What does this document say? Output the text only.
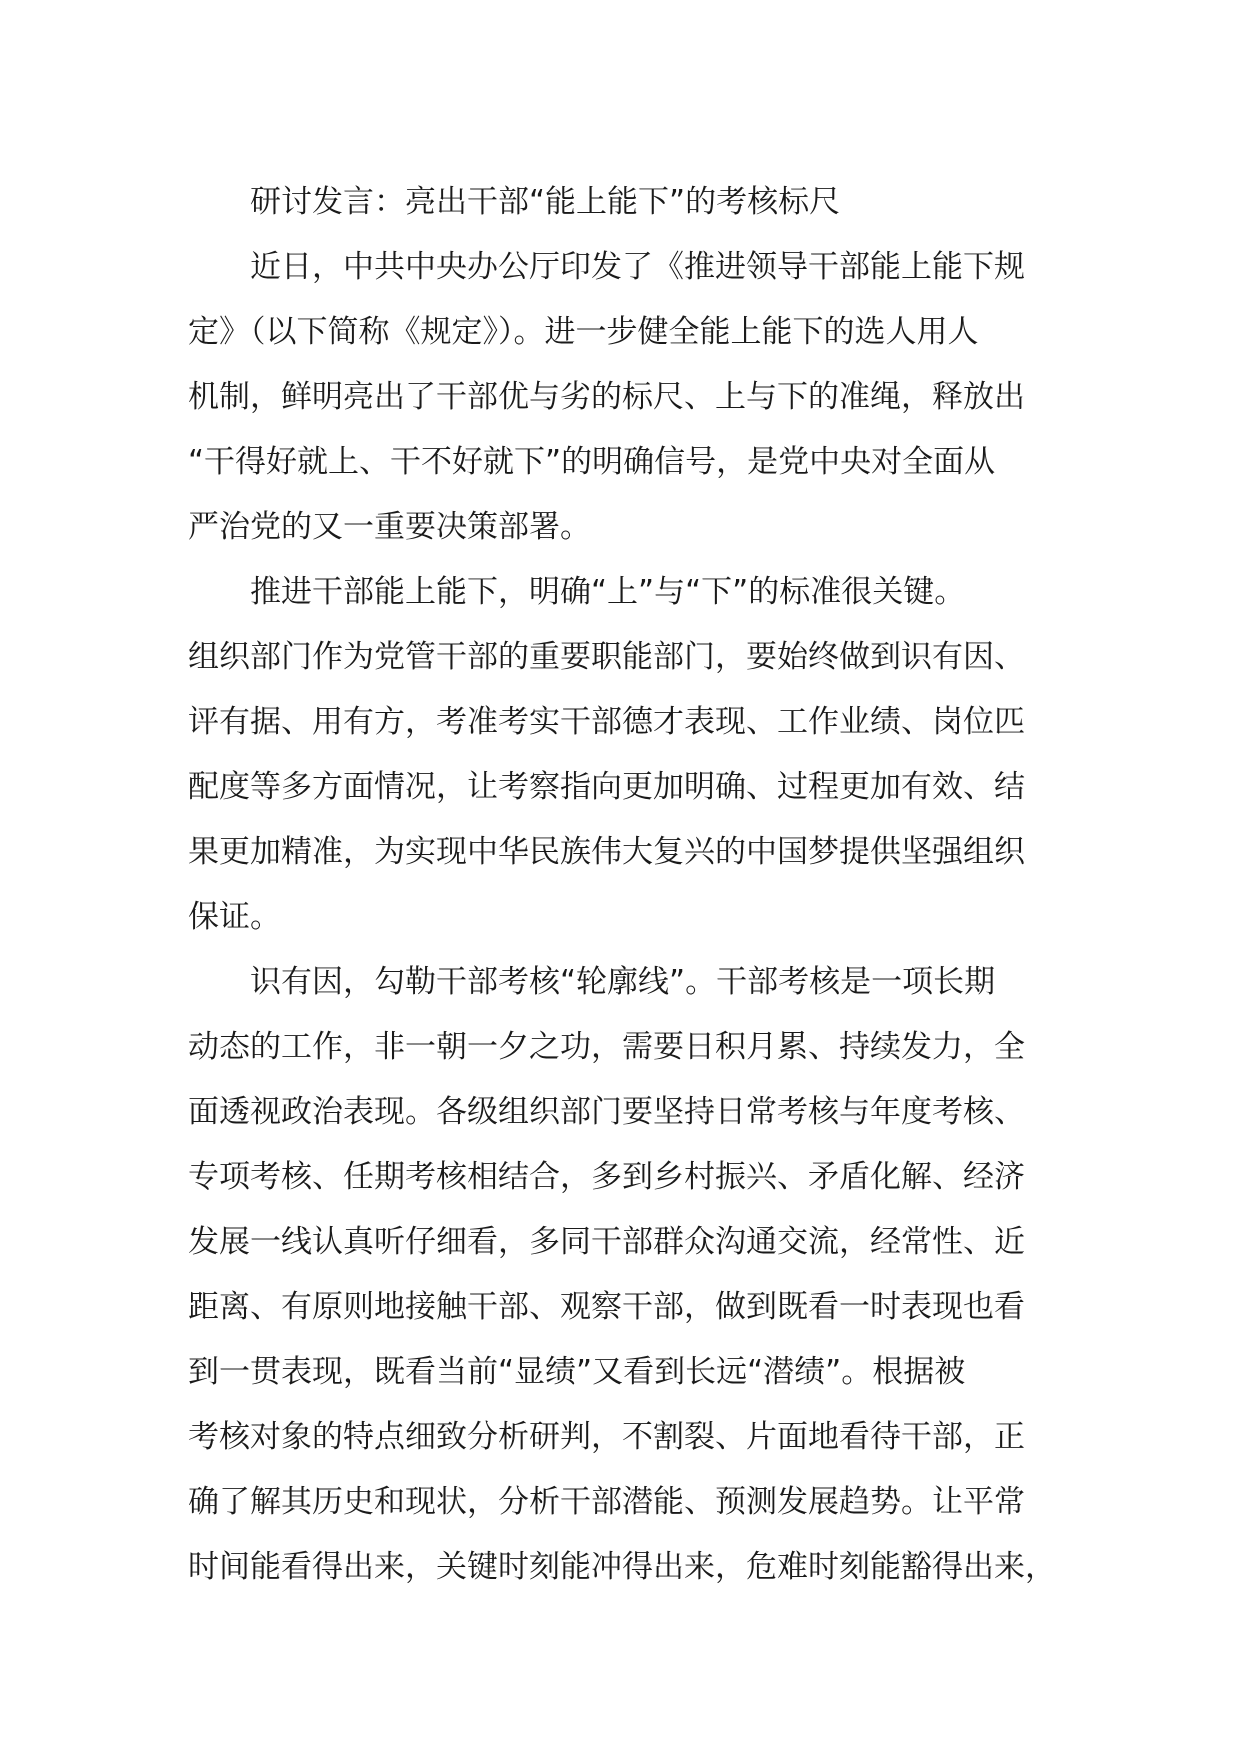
研讨发言：亮出干部“能上能下”的考核标尺
近日，中共中央办公厅印发了《推进领导干部能上能下规
定》（以下简称《规定》）。进一步健全能上能下的选人用人
机制，鲜明亮出了干部优与劣的标尺、上与下的准绳，释放出
“干得好就上、干不好就下”的明确信号，是党中央对全面从
严治党的又一重要决策部署。
推进干部能上能下，明确“上”与“下”的标准很关键。
组织部门作为党管干部的重要职能部门，要始终做到识有因、
评有据、用有方，考准考实干部德才表现、工作业绩、岗位匹
配度等多方面情况，让考察指向更加明确、过程更加有效、结
果更加精准，为实现中华民族伟大复兴的中国梦提供坚强组织
保证。
识有因，勾勒干部考核“轮廓线”。干部考核是一项长期
动态的工作，非一朝一夕之功，需要日积月累、持续发力，全
面透视政治表现。各级组织部门要坚持日常考核与年度考核、
专项考核、任期考核相结合，多到乡村振兴、矛盾化解、经济
发展一线认真听仔细看，多同干部群众沟通交流，经常性、近
距离、有原则地接触干部、观察干部，做到既看一时表现也看
到一贯表现，既看当前“显绩”又看到长远“潜绩”。根据被
考核对象的特点细致分析研判，不割裂、片面地看待干部，正
确了解其历史和现状，分析干部潜能、预测发展趋势。让平常
时间能看得出来，关键时刻能冲得出来，危难时刻能豁得出来，
